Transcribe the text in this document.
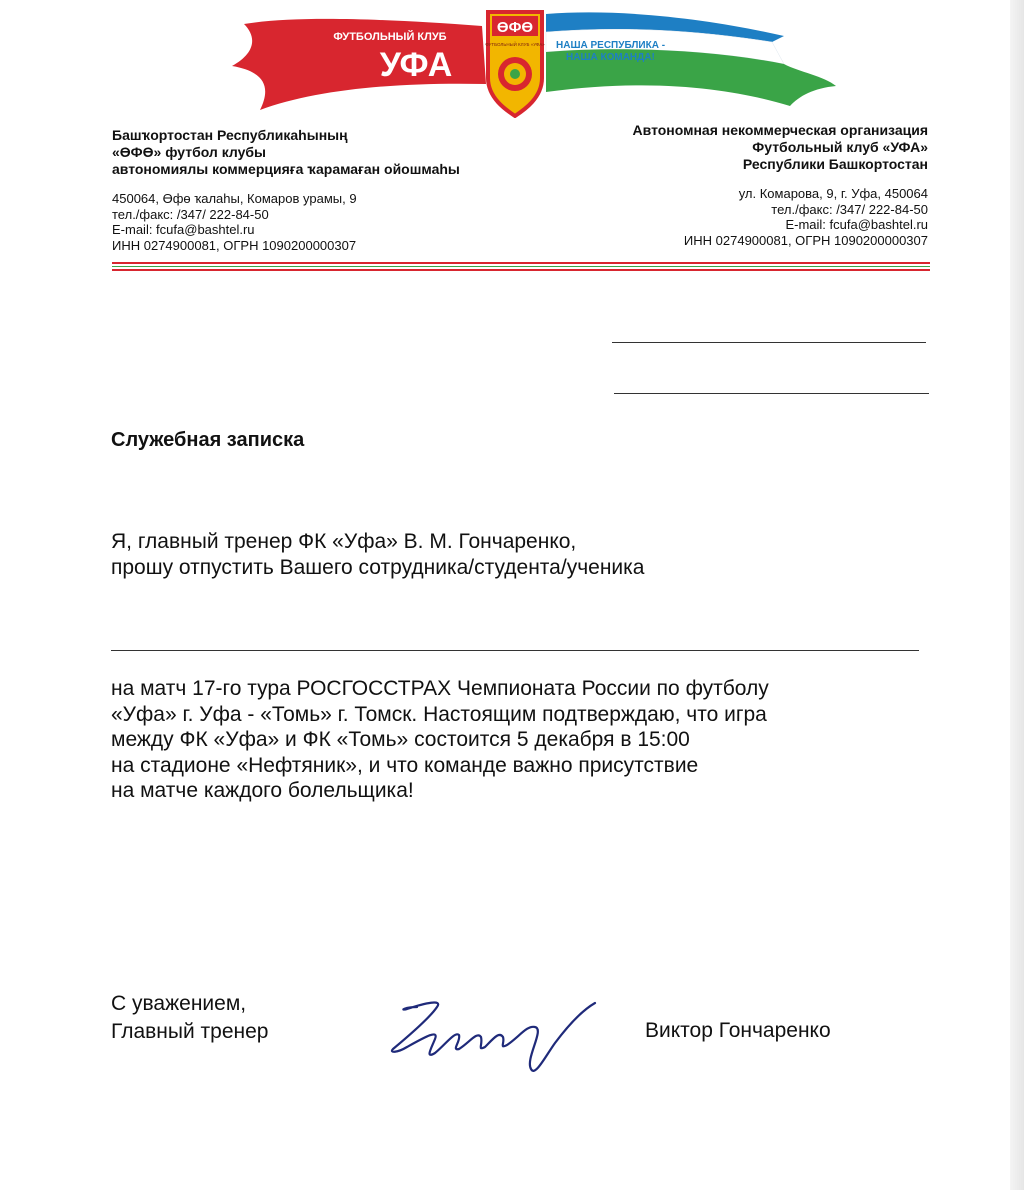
ӨФӨ
ФУТБОЛЬНЫЙ КЛУБ «УФА»
ФУТБОЛЬНЫЙ КЛУБ
УФА
НАША РЕСПУБЛИКА -
НАША КОМАНДА!
Башҡортостан Республикаһының
«ӨФӨ» футбол клубы
автономиялы коммерцияға ҡарамаған ойошмаһы
450064, Өфө ҡалаһы, Комаров урамы, 9
тел./факс: /347/ 222-84-50
E-mail: fcufa@bashtel.ru
ИНН 0274900081, ОГРН 1090200000307
Автономная некоммерческая организация
Футбольный клуб «УФА»
Республики Башкортостан
ул. Комарова, 9, г. Уфа, 450064
тел./факс: /347/ 222-84-50
E-mail: fcufa@bashtel.ru
ИНН 0274900081, ОГРН 1090200000307
Служебная записка
Я, главный тренер ФК «Уфа» В. М. Гончаренко,
прошу отпустить Вашего сотрудника/студента/ученика
на матч 17-го тура РОСГОССТРАХ Чемпионата России по футболу
«Уфа» г. Уфа - «Томь» г. Томск. Настоящим подтверждаю, что игра
между ФК «Уфа» и ФК «Томь» состоится 5 декабря в 15:00
на стадионе «Нефтяник», и что команде важно присутствие
на матче каждого болельщика!
С уважением,
Главный тренер	Виктор Гончаренко
